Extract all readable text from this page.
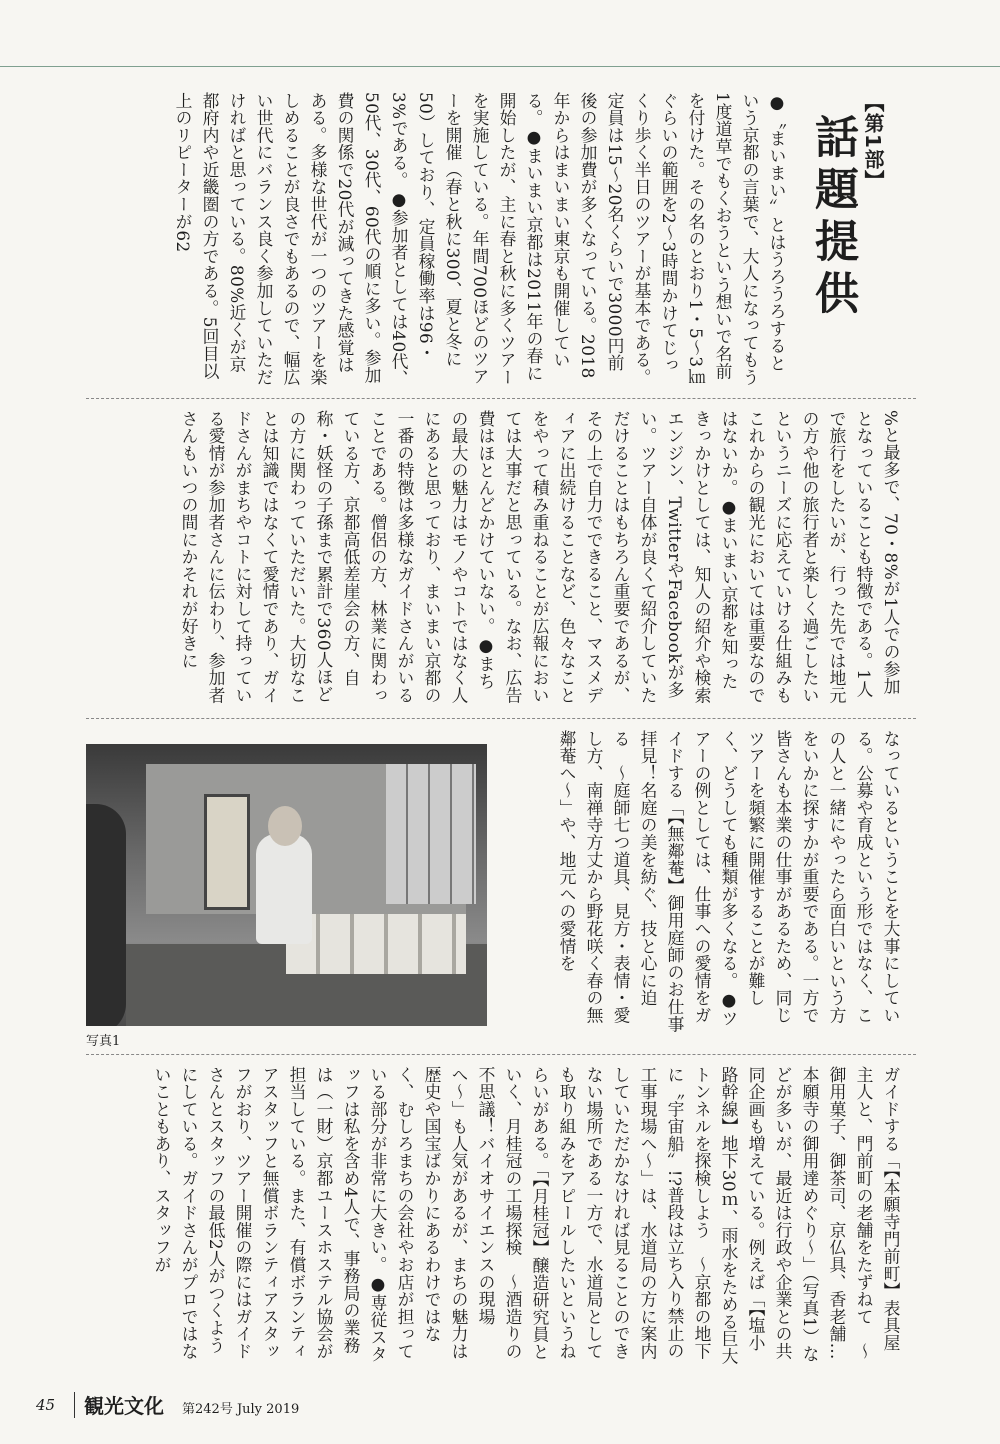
【第1部】
話題提供

●〝まいまい〟とはうろうろするという京都の言葉で、大人になってもう1度道草でもくおうという想いで名前を付けた。その名のとおり1・5〜3㎞ぐらいの範囲を2〜3時間かけてじっくり歩く半日のツアーが基本である。定員は15〜20名くらいで3000円前後の参加費が多くなっている。2018年からはまいまい東京も開催している。●まいまい京都は2011年の春に開始したが、主に春と秋に多くツアーを実施している。年間700ほどのツアーを開催（春と秋に300、夏と冬に50）しており、定員稼働率は96・3%である。●参加者としては40代、50代、30代、60代の順に多い。参加費の関係で20代が減ってきた感覚はある。多様な世代が一つのツアーを楽しめることが良さでもあるので、幅広い世代にバランス良く参加していただければと思っている。80%近くが京都府内や近畿圏の方である。5回目以上のリピーターが62

%と最多で、70・8%が1人での参加となっていることも特徴である。1人で旅行をしたいが、行った先では地元の方や他の旅行者と楽しく過ごしたいというニーズに応えていける仕組みもこれからの観光においては重要なのではないか。●まいまい京都を知ったきっかけとしては、知人の紹介や検索エンジン、TwitterやFacebookが多い。ツアー自体が良くて紹介していただけることはもちろん重要であるが、その上で自力でできること、マスメディアに出続けることなど、色々なことをやって積み重ねることが広報においては大事だと思っている。なお、広告費はほとんどかけていない。●まちの最大の魅力はモノやコトではなく人にあると思っており、まいまい京都の一番の特徴は多様なガイドさんがいることである。僧侶の方、林業に関わっている方、京都高低差崖会の方、自称・妖怪の子孫まで累計で360人ほどの方に関わっていただいた。大切なことは知識ではなくて愛情であり、ガイドさんがまちやコトに対して持っている愛情が参加者さんに伝わり、参加者さんもいつの間にかそれが好きに

なっているということを大事にしている。公募や育成という形ではなく、この人と一緒にやったら面白いという方をいかに探すかが重要である。一方で皆さんも本業の仕事があるため、同じツアーを頻繁に開催することが難しく、どうしても種類が多くなる。●ツアーの例としては、仕事への愛情をガイドする「【無鄰菴】御用庭師のお仕事拝見！名庭の美を紡ぐ、技と心に迫る　〜庭師七つ道具、見方・表情・愛し方、南禅寺方丈から野花咲く春の無鄰菴へ〜」や、地元への愛情を

写真1

ガイドする「【本願寺門前町】表具屋主人と、門前町の老舗をたずねて　〜御用菓子、御茶司、京仏具、香老舗…本願寺の御用達めぐり〜」（写真1）などが多いが、最近は行政や企業との共同企画も増えている。例えば「【塩小路幹線】地下30ｍ、雨水をためる巨大トンネルを探検しよう　〜京都の地下に〝宇宙船〟!?普段は立ち入り禁止の工事現場へ〜」は、水道局の方に案内していただかなければ見ることのできない場所である一方で、水道局としても取り組みをアピールしたいというねらいがある。「【月桂冠】醸造研究員といく、月桂冠の工場探検　〜酒造りの不思議！バイオサイエンスの現場へ〜」も人気があるが、まちの魅力は歴史や国宝ばかりにあるわけではなく、むしろまちの会社やお店が担っている部分が非常に大きい。●専従スタッフは私を含め4人で、事務局の業務は（一財）京都ユースホステル協会が担当している。また、有償ボランティアスタッフと無償ボランティアスタッフがおり、ツアー開催の際にはガイドさんとスタッフの最低2人がつくようにしている。ガイドさんがプロではないこともあり、スタッフが

45 観光文化 第242号 July 2019
